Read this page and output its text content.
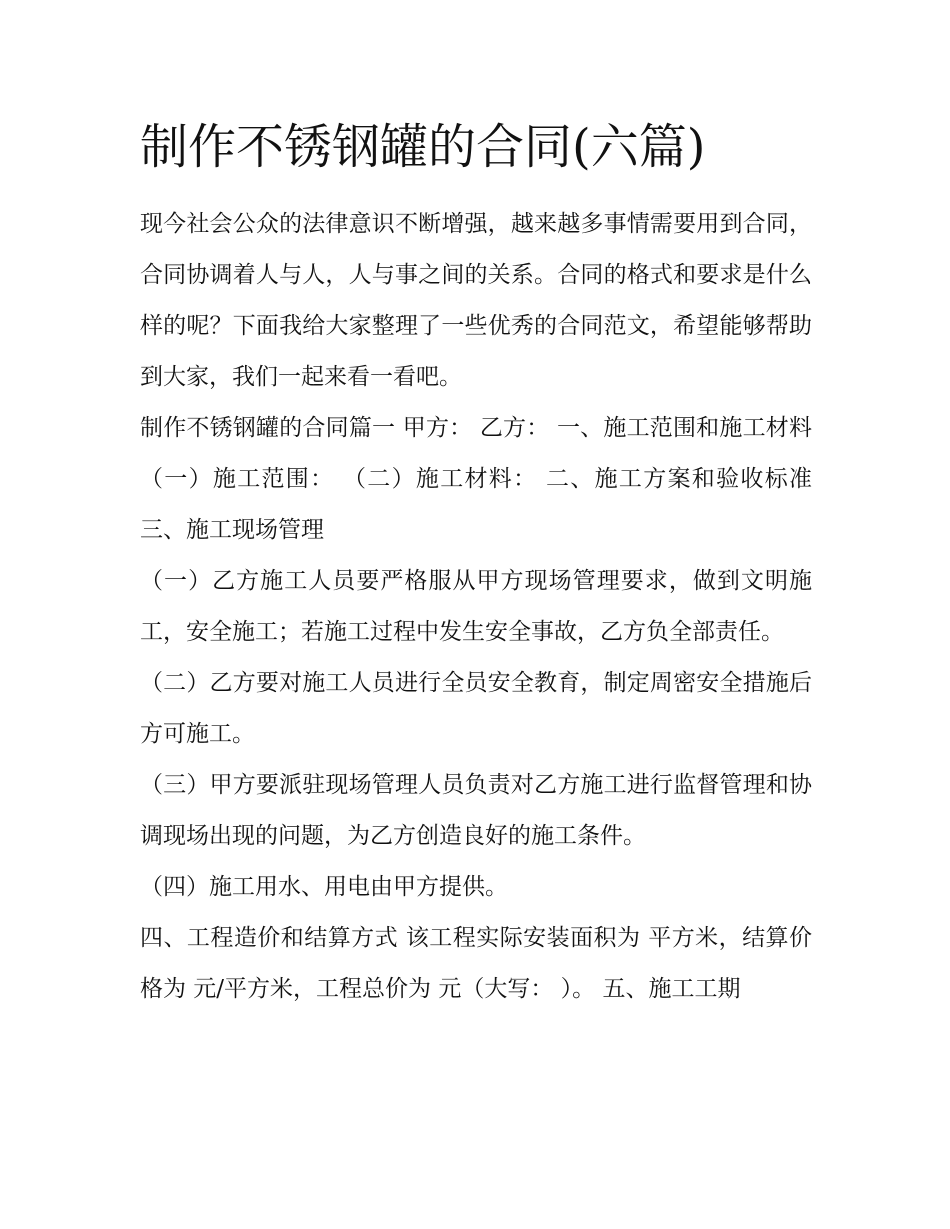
制作不锈钢罐的合同(六篇)

现今社会公众的法律意识不断增强，越来越多事情需要用到合同，合同协调着人与人，人与事之间的关系。合同的格式和要求是什么样的呢？下面我给大家整理了一些优秀的合同范文，希望能够帮助到大家，我们一起来看一看吧。

制作不锈钢罐的合同篇一 甲方： 乙方： 一、施工范围和施工材料 （一）施工范围： （二）施工材料： 二、施工方案和验收标准 三、施工现场管理

（一）乙方施工人员要严格服从甲方现场管理要求，做到文明施工，安全施工；若施工过程中发生安全事故，乙方负全部责任。

（二）乙方要对施工人员进行全员安全教育，制定周密安全措施后方可施工。

（三）甲方要派驻现场管理人员负责对乙方施工进行监督管理和协调现场出现的问题，为乙方创造良好的施工条件。

（四）施工用水、用电由甲方提供。

四、工程造价和结算方式 该工程实际安装面积为 平方米，结算价格为 元/平方米，工程总价为 元（大写： ）。 五、施工工期
